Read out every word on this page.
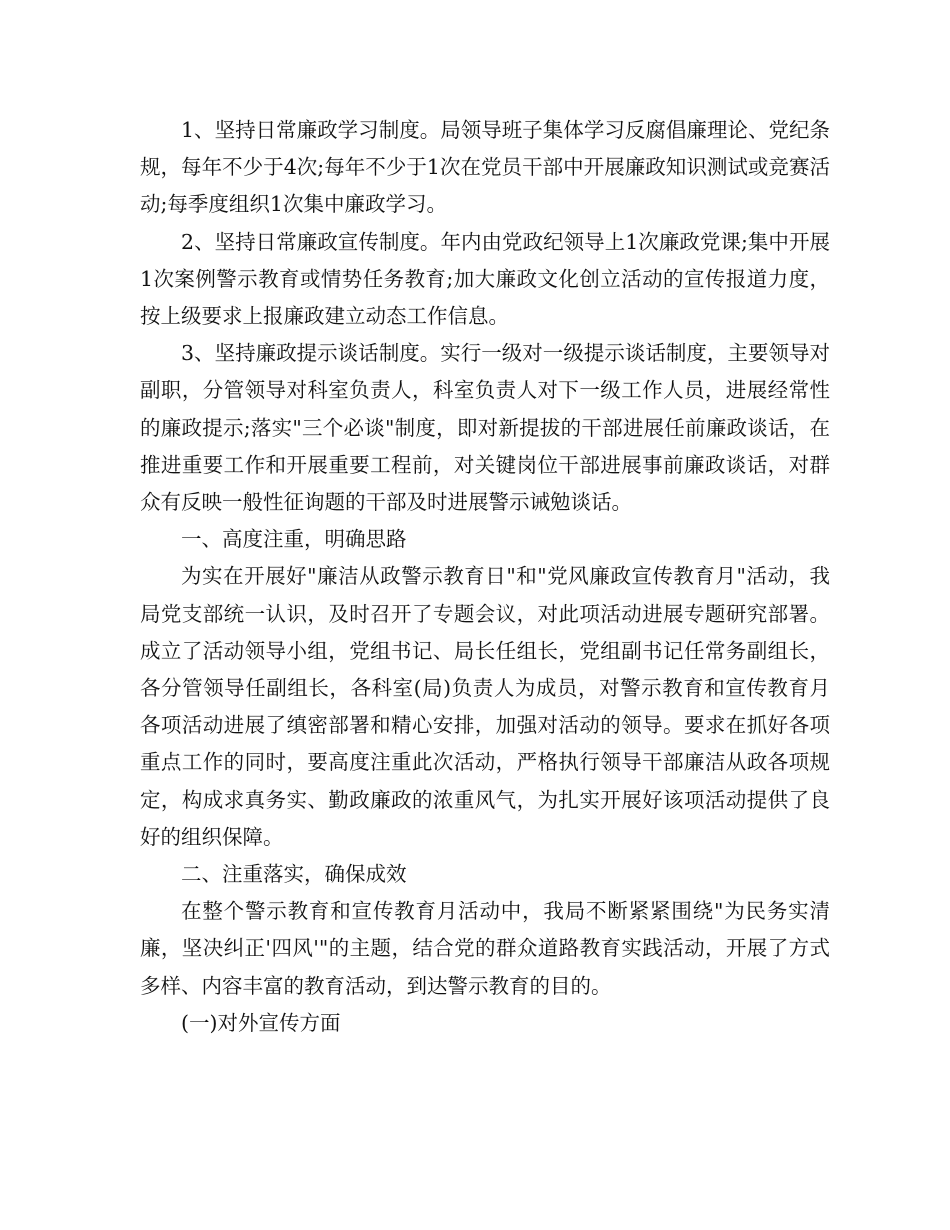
1、坚持日常廉政学习制度。局领导班子集体学习反腐倡廉理论、党纪条规，每年不少于4次;每年不少于1次在党员干部中开展廉政知识测试或竞赛活动;每季度组织1次集中廉政学习。

2、坚持日常廉政宣传制度。年内由党政纪领导上1次廉政党课;集中开展1次案例警示教育或情势任务教育;加大廉政文化创立活动的宣传报道力度，按上级要求上报廉政建立动态工作信息。

3、坚持廉政提示谈话制度。实行一级对一级提示谈话制度，主要领导对副职，分管领导对科室负责人，科室负责人对下一级工作人员，进展经常性的廉政提示;落实"三个必谈"制度，即对新提拔的干部进展任前廉政谈话，在推进重要工作和开展重要工程前，对关键岗位干部进展事前廉政谈话，对群众有反映一般性征询题的干部及时进展警示诫勉谈话。

一、高度注重，明确思路

为实在开展好"廉洁从政警示教育日"和"党风廉政宣传教育月"活动，我局党支部统一认识，及时召开了专题会议，对此项活动进展专题研究部署。成立了活动领导小组，党组书记、局长任组长，党组副书记任常务副组长，各分管领导任副组长，各科室(局)负责人为成员，对警示教育和宣传教育月各项活动进展了缜密部署和精心安排，加强对活动的领导。要求在抓好各项重点工作的同时，要高度注重此次活动，严格执行领导干部廉洁从政各项规定，构成求真务实、勤政廉政的浓重风气，为扎实开展好该项活动提供了良好的组织保障。

二、注重落实，确保成效

在整个警示教育和宣传教育月活动中，我局不断紧紧围绕"为民务实清廉，坚决纠正'四风'"的主题，结合党的群众道路教育实践活动，开展了方式多样、内容丰富的教育活动，到达警示教育的目的。

(一)对外宣传方面
